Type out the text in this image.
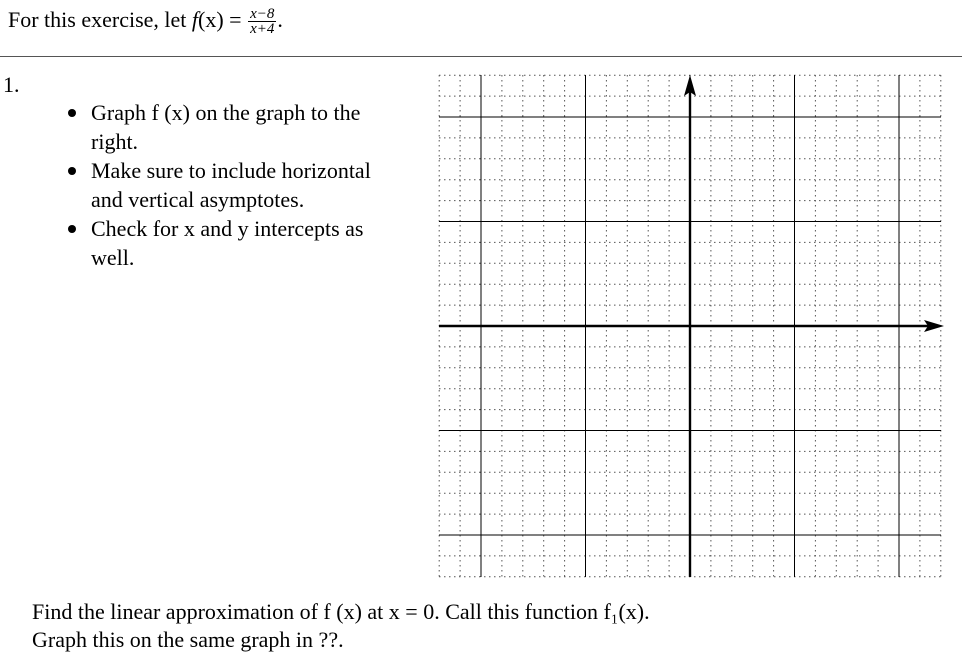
For this exercise, let $f(x) = \frac{x-8}{x+4}$ .
1.
Graph f (x) on the graph to the right.
Make sure to include horizontal and vertical asymptotes.
Check for x and y intercepts as well.
Find the linear approximation of f (x) at x = 0. Call this function f₁(x).
Graph this on the same graph in ??.
